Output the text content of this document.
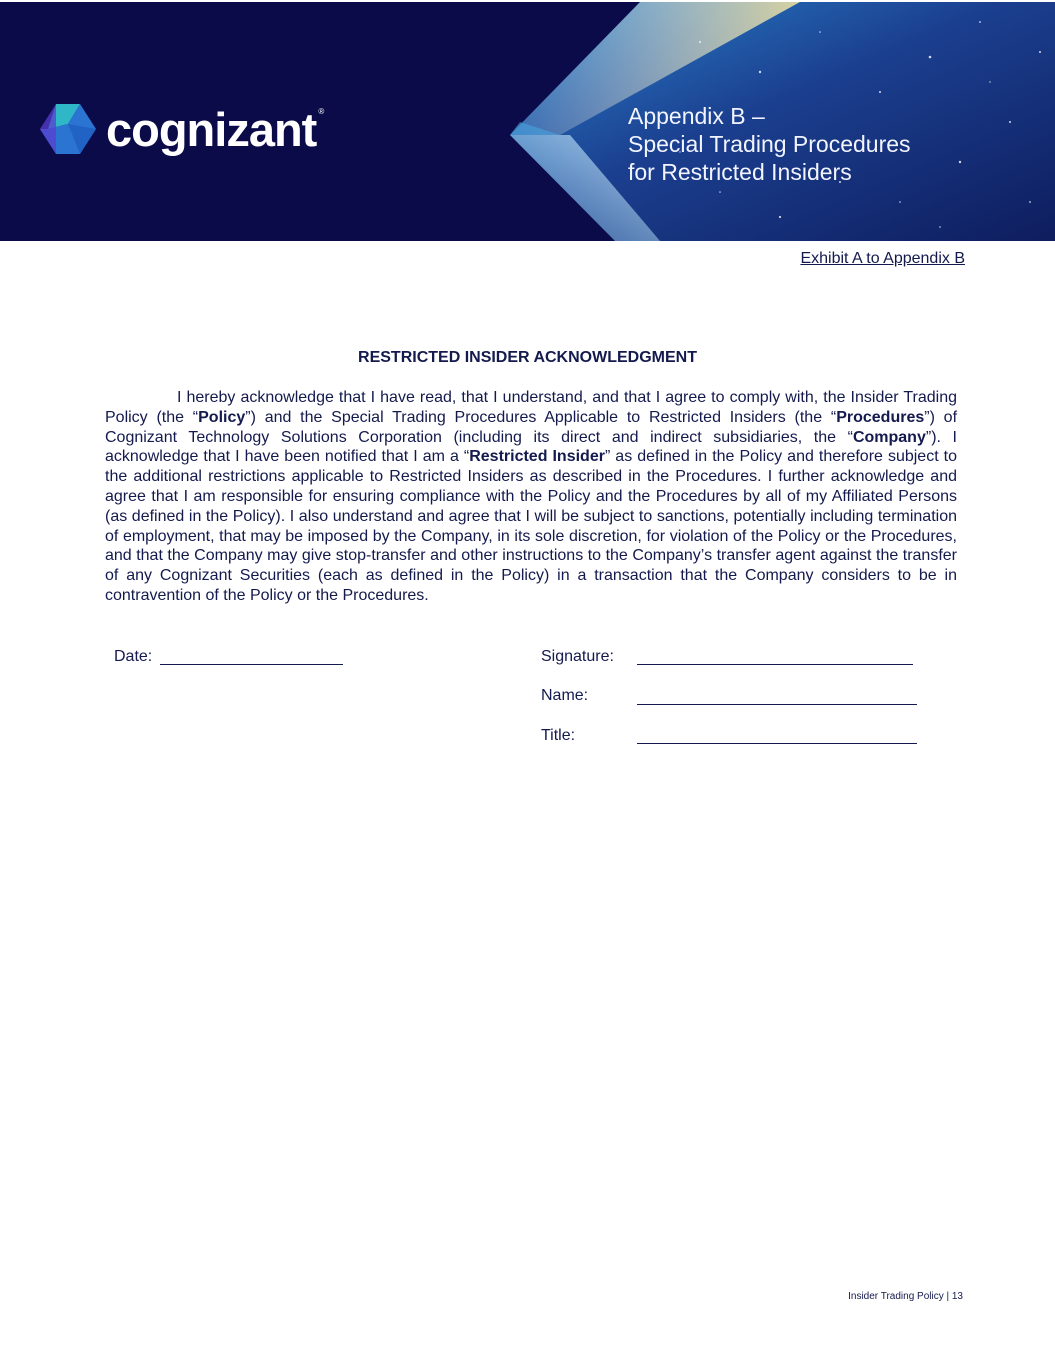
cognizant ®	Appendix B –
Special Trading Procedures
for Restricted Insiders
Exhibit A to Appendix B
RESTRICTED INSIDER ACKNOWLEDGMENT
I hereby acknowledge that I have read, that I understand, and that I agree to comply with, the Insider Trading Policy (the “Policy”) and the Special Trading Procedures Applicable to Restricted Insiders (the “Procedures”) of Cognizant Technology Solutions Corporation (including its direct and indirect subsidiaries, the “Company”). I acknowledge that I have been notified that I am a “Restricted Insider” as defined in the Policy and therefore subject to the additional restrictions applicable to Restricted Insiders as described in the Procedures. I further acknowledge and agree that I am responsible for ensuring compliance with the Policy and the Procedures by all of my Affiliated Persons (as defined in the Policy). I also understand and agree that I will be subject to sanctions, potentially including termination of employment, that may be imposed by the Company, in its sole discretion, for violation of the Policy or the Procedures, and that the Company may give stop-transfer and other instructions to the Company’s transfer agent against the transfer of any Cognizant Securities (each as defined in the Policy) in a transaction that the Company considers to be in contravention of the Policy or the Procedures.
Date:	Signature:
Name:
Title:
Insider Trading Policy | 13
